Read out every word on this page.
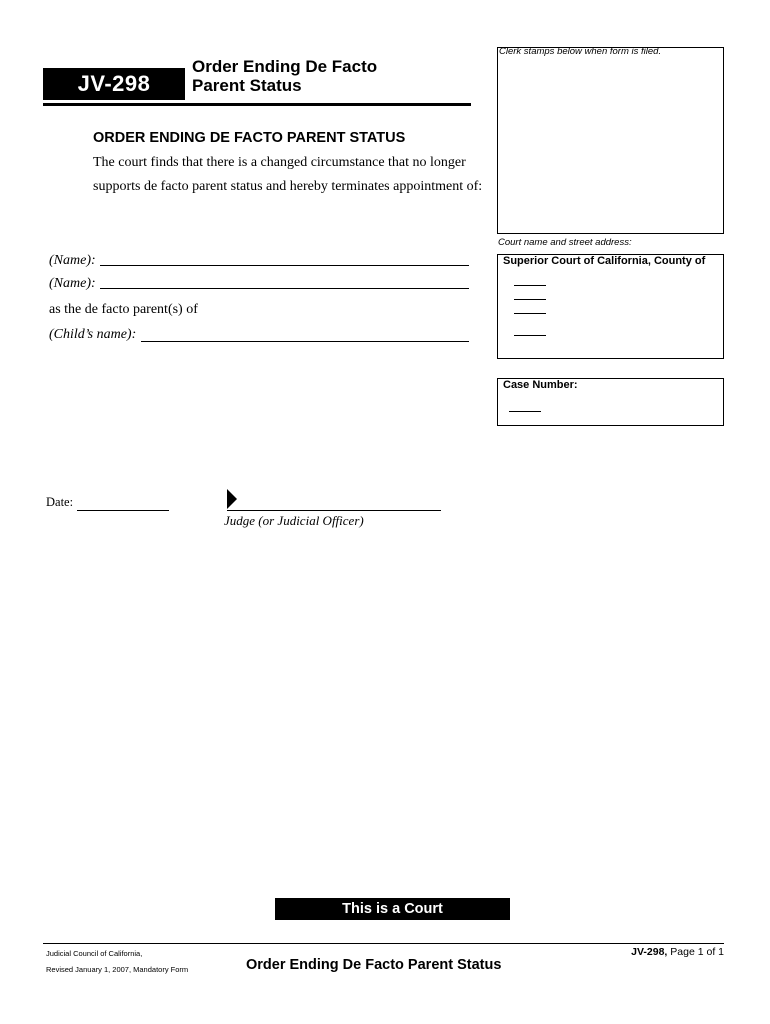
JV-298
Order Ending De Facto
Parent Status
Clerk stamps below when form is filed.
Court name and street address:
Superior Court of California, County of
Case Number:
ORDER ENDING DE FACTO PARENT STATUS
The court finds that there is a changed circumstance that no longer supports de facto parent status and hereby terminates appointment of:
(Name):
(Name):
as the de facto parent(s) of
(Child’s name):
Date:
Judge (or Judicial Officer)
This is a Court
Judicial Council of California,
Revised January 1, 2007, Mandatory Form	Order Ending De Facto Parent Status
JV-298, Page 1 of 1
